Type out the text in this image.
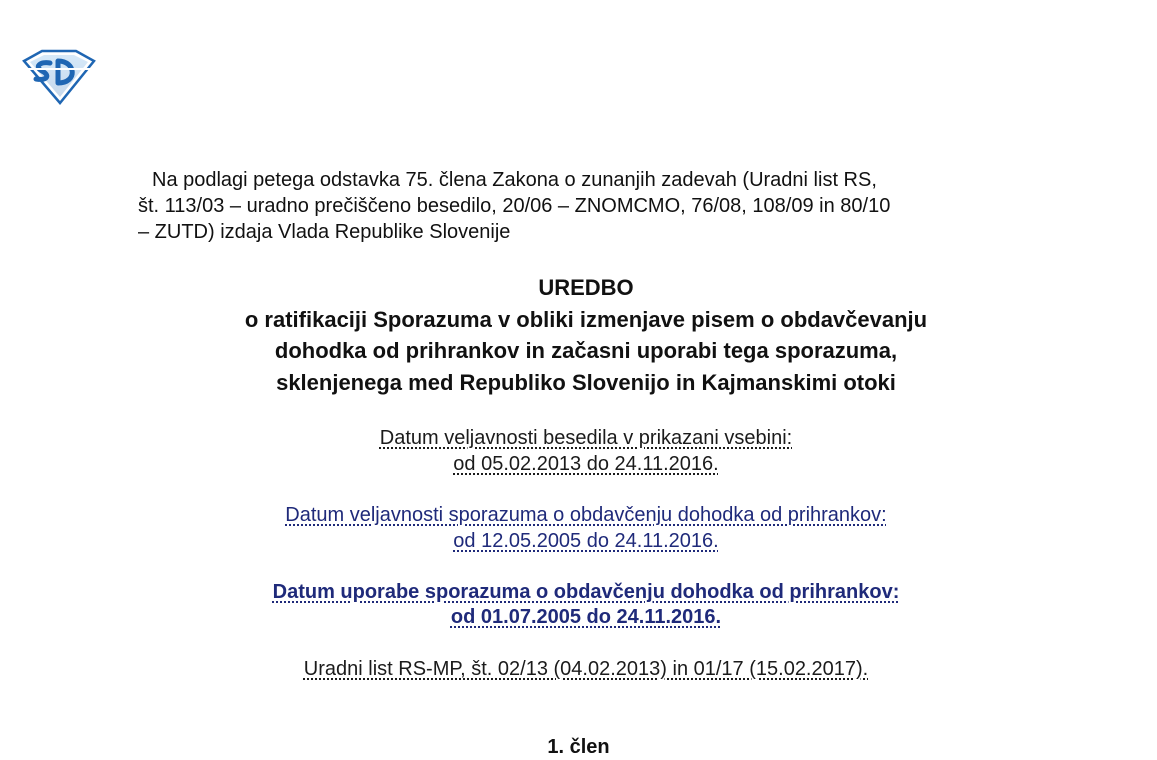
Na podlagi petega odstavka 75. člena Zakona o zunanjih zadevah (Uradni list RS,
št. 113/03 – uradno prečiščeno besedilo, 20/06 – ZNOMCMO, 76/08, 108/09 in 80/10
– ZUTD) izdaja Vlada Republike Slovenije
UREDBO
o ratifikaciji Sporazuma v obliki izmenjave pisem o obdavčevanju
dohodka od prihrankov in začasni uporabi tega sporazuma,
sklenjenega med Republiko Slovenijo in Kajmanskimi otoki
Datum veljavnosti besedila v prikazani vsebini:
od 05.02.2013 do 24.11.2016.
Datum veljavnosti sporazuma o obdavčenju dohodka od prihrankov:
od 12.05.2005 do 24.11.2016.
Datum uporabe sporazuma o obdavčenju dohodka od prihrankov:
od 01.07.2005 do 24.11.2016.
Uradni list RS-MP, št. 02/13 (04.02.2013) in 01/17 (15.02.2017).
1. člen
